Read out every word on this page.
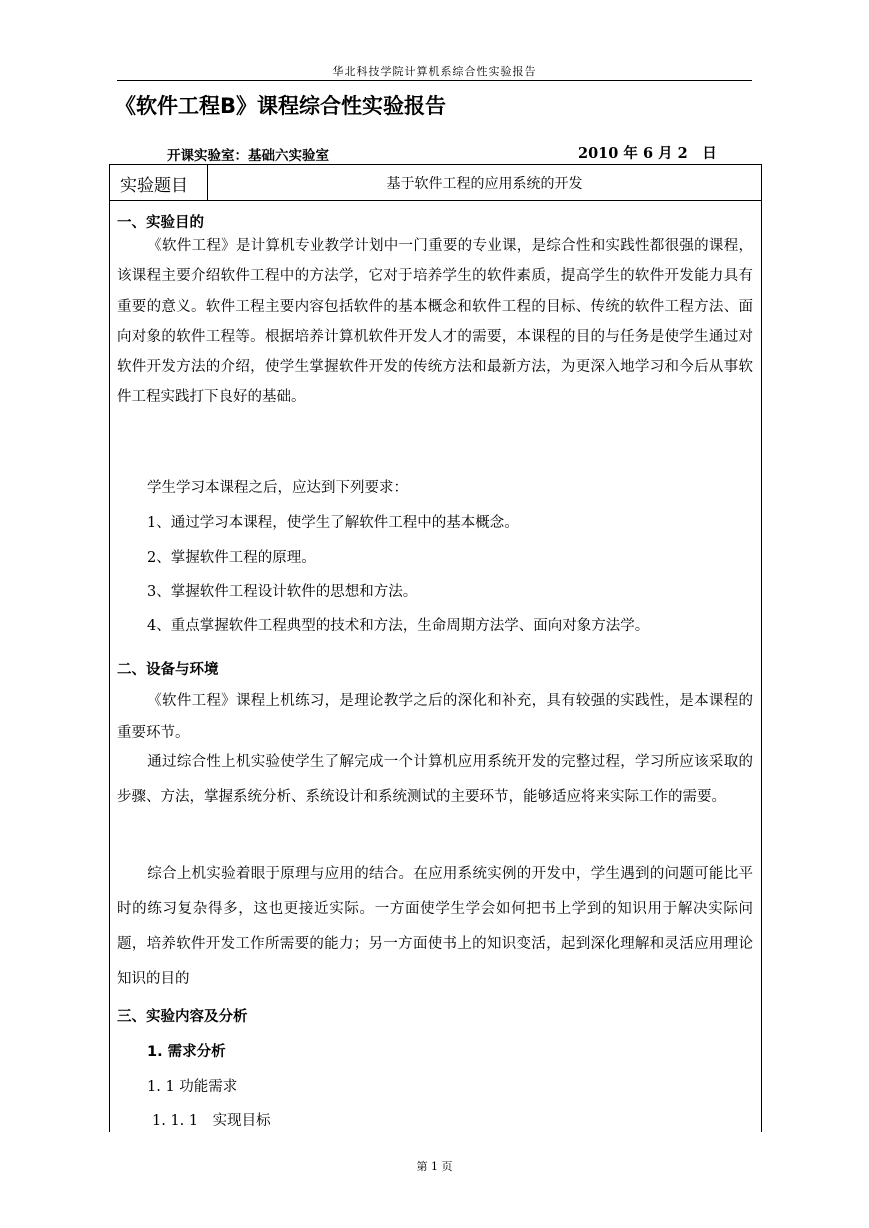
华北科技学院计算机系综合性实验报告
《软件工程B》课程综合性实验报告
开课实验室：基础六实验室	2010 年 6 月 2　日
实验题目	基于软件工程的应用系统的开发
一、实验目的
《软件工程》是计算机专业教学计划中一门重要的专业课，是综合性和实践性都很强的课程，该课程主要介绍软件工程中的方法学，它对于培养学生的软件素质，提高学生的软件开发能力具有重要的意义。软件工程主要内容包括软件的基本概念和软件工程的目标、传统的软件工程方法、面向对象的软件工程等。根据培养计算机软件开发人才的需要，本课程的目的与任务是使学生通过对软件开发方法的介绍，使学生掌握软件开发的传统方法和最新方法，为更深入地学习和今后从事软件工程实践打下良好的基础。
学生学习本课程之后，应达到下列要求：
1、通过学习本课程，使学生了解软件工程中的基本概念。
2、掌握软件工程的原理。
3、掌握软件工程设计软件的思想和方法。
4、重点掌握软件工程典型的技术和方法，生命周期方法学、面向对象方法学。
二、设备与环境
《软件工程》课程上机练习，是理论教学之后的深化和补充，具有较强的实践性，是本课程的重要环节。
通过综合性上机实验使学生了解完成一个计算机应用系统开发的完整过程，学习所应该采取的步骤、方法，掌握系统分析、系统设计和系统测试的主要环节，能够适应将来实际工作的需要。
综合上机实验着眼于原理与应用的结合。在应用系统实例的开发中，学生遇到的问题可能比平时的练习复杂得多，这也更接近实际。一方面使学生学会如何把书上学到的知识用于解决实际问题，培养软件开发工作所需要的能力；另一方面使书上的知识变活，起到深化理解和灵活应用理论知识的目的
三、实验内容及分析
1. 需求分析
1. 1 功能需求
1. 1. 1　实现目标
第 1 页
